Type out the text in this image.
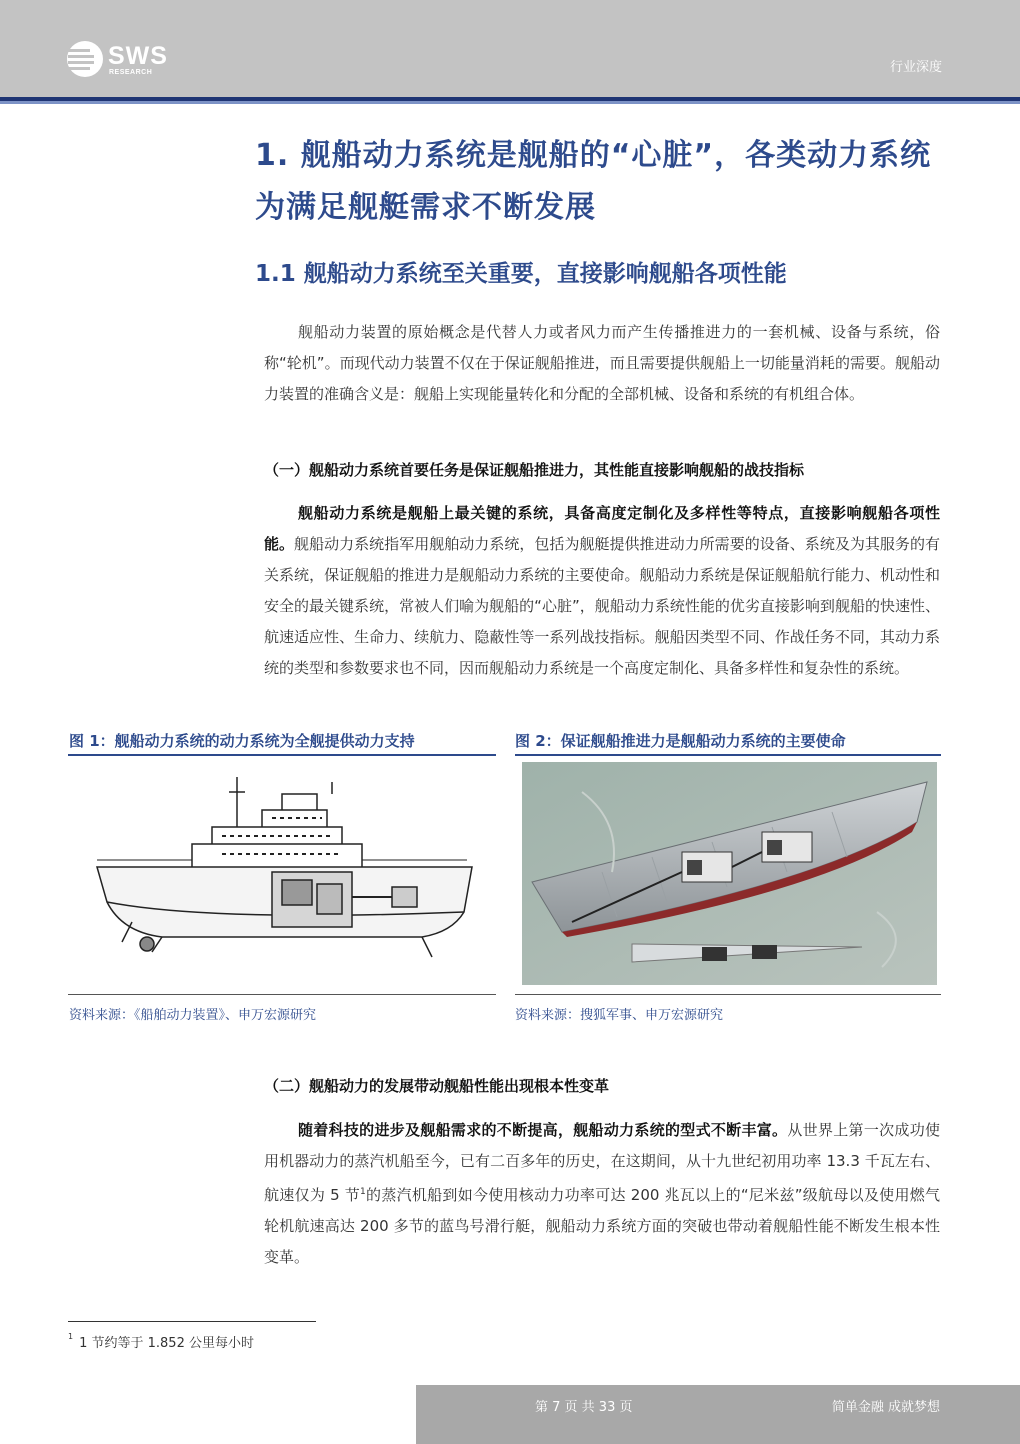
SWS
RESEARCH	行业深度
1. 舰船动力系统是舰船的“心脏”，各类动力系统为满足舰艇需求不断发展
1.1 舰船动力系统至关重要，直接影响舰船各项性能

舰船动力装置的原始概念是代替人力或者风力而产生传播推进力的一套机械、设备与系统，俗称“轮机”。而现代动力装置不仅在于保证舰船推进，而且需要提供舰船上一切能量消耗的需要。舰船动力装置的准确含义是：舰船上实现能量转化和分配的全部机械、设备和系统的有机组合体。

（一）舰船动力系统首要任务是保证舰船推进力，其性能直接影响舰船的战技指标

舰船动力系统是舰船上最关键的系统，具备高度定制化及多样性等特点，直接影响舰船各项性能。舰船动力系统指军用舰舶动力系统，包括为舰艇提供推进动力所需要的设备、系统及为其服务的有关系统，保证舰船的推进力是舰船动力系统的主要使命。舰船动力系统是保证舰船航行能力、机动性和安全的最关键系统，常被人们喻为舰船的“心脏”，舰船动力系统性能的优劣直接影响到舰船的快速性、航速适应性、生命力、续航力、隐蔽性等一系列战技指标。舰船因类型不同、作战任务不同，其动力系统的类型和参数要求也不同，因而舰船动力系统是一个高度定制化、具备多样性和复杂性的系统。

图 1：舰船动力系统的动力系统为全舰提供动力支持

资料来源：《船舶动力装置》、申万宏源研究

图 2：保证舰船推进力是舰船动力系统的主要使命

资料来源：搜狐军事、申万宏源研究

（二）舰船动力的发展带动舰船性能出现根本性变革

随着科技的进步及舰船需求的不断提高，舰船动力系统的型式不断丰富。从世界上第一次成功使用机器动力的蒸汽机船至今，已有二百多年的历史，在这期间，从十九世纪初用功率 13.3 千瓦左右、航速仅为 5 节$^1$的蒸汽机船到如今使用核动力功率可达 200 兆瓦以上的“尼米兹”级航母以及使用燃气轮机航速高达 200 多节的蓝鸟号滑行艇，舰船动力系统方面的突破也带动着舰船性能不断发生根本性变革。

$^1$ 1 节约等于 1.852 公里每小时

第 7 页 共 33 页	简单金融 成就梦想
